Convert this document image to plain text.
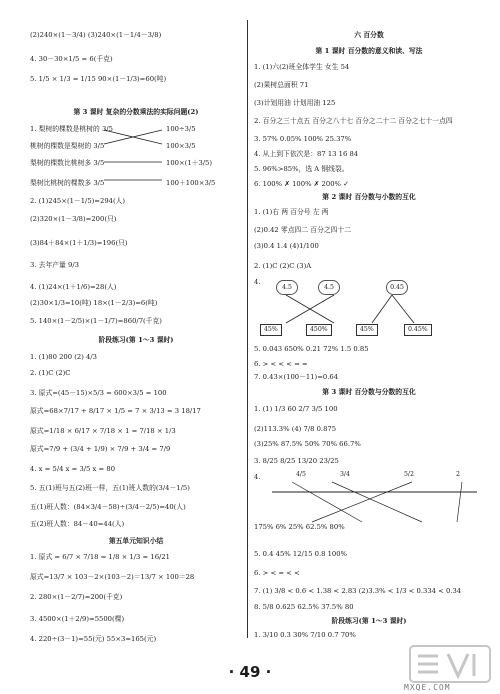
(2)240×(1－3/4) (3)240×(1－1/4－3/8)
4. 30－30×1/5 = 6(千克)
5. 1/5 × 1/3 = 1/15 90×(1－1/3)=60(吨)
1. 梨树的棵数是桃树的 3/5
桃树的棵数是梨树的 3/5
梨树的棵数比桃树多 3/5
梨树比桃树的棵数多 3/5
2. (1)245×(1－1/5)=294(人)
(2)320×(1－3/8)=200(只)
(3)84＋84×(1＋1/3)=196(只)
3. 去年产量 9/3
4. (1)24×(1＋1/6)=28(人)
(2)30×1/3=10(吨) 18×(1－2/3)=6(吨)
5. 140×(1－2/5)×(1－1/7)=860/7(千克)
1. (1)80 200 (2) 4/3
2. (1)C (2)C
3. 原式=(45－15)×5/3 = 600×3/5 = 100
原式=68×7/17 + 8/17 × 1/5 = 7 × 3/13 = 3 18/17
原式=1/18 × 6/17 × 7/18 × 1 = 7/18 × 1/3
原式=7/9 + (3/4 + 1/9) × 7/9 + 3/4 = 7/9
4. x = 5/4 x = 3/5 x = 80
5. 五(1)班与五(2)班一样，五(1)班人数的(3/4－1/5)
五(1)班人数：(84×3/4－58)÷(3/4－2/5)=40(人)
五(2)班人数：84－40=44(人)
1. 原式 = 6/7 × 7/18 = 1/8 × 1/3 = 16/21
原式=13/7 × 103－2×(103－2)＝13/7 × 100＝28
2. 280×(1－2/7)=200(千克)
3. 4500×(1＋2/9)=5500(棵)
4. 220÷(3－1)=55(元) 55×3=165(元)
第 3 课时 复杂的分数乘法的实际问题(2)
阶段练习(第 1～3 课时)
第五单元知识小结
100÷3/5
100×3/5
100×(1＋3/5)
100＋100×3/5
1. (1)六(2)班全体学生 女生 54
(2)果树总面积 71
(3)计划用油 计划用油 125
2. 百分之三十点五 百分之八十七 百分之二十二 百分之七十一点四
3. 57% 0.05% 100% 25.37%
4. 从上到下依次是：87 13 16 84
5. 96%>85%，选 A 钢线裂。
6. 100% ✗ 100% ✗ 200% ✓
1. (1)右 两 百分号 左 两
(2)0.42 零点四二 百分之四十二
(3)0.4 1.4 (4)1/100
2. (1)C (2)C (3)A
5. 0.043 650% 0.21 72% 1.5 0.85
6. > < < < = =
7. 0.43×(100－11)=0.64
1. (1) 1/3 60 2/7 3/5 100
(2)113.3% (4) 7/8 0.875
(3)25% 87.5% 50% 70% 66.7%
3. 8/25 8/25 13/20 23/25
175% 6% 25% 62.5% 80%
5. 0.4 45% 12/15 0.8 100%
6. > < = < <
7. (1) 3/8 < 0.6 < 1.38 < 2.83 (2)3.3% < 1/3 < 0.334 < 0.34
8. 5/8 0.625 62.5% 37.5% 80
1. 3/10 0.3 30% 7/10 0.7 70%
六 百分数
第 1 课时 百分数的意义和读、写法
第 2 课时 百分数与小数的互化
第 3 课时 百分数与分数的互化
阶段练习(第 1～3 课时)
4.
4.5	4.5	0.45
45%	450%	45%	0.45%
4.	4/5	3/4	5/2	2
· 49 ·
MXQE.COM
